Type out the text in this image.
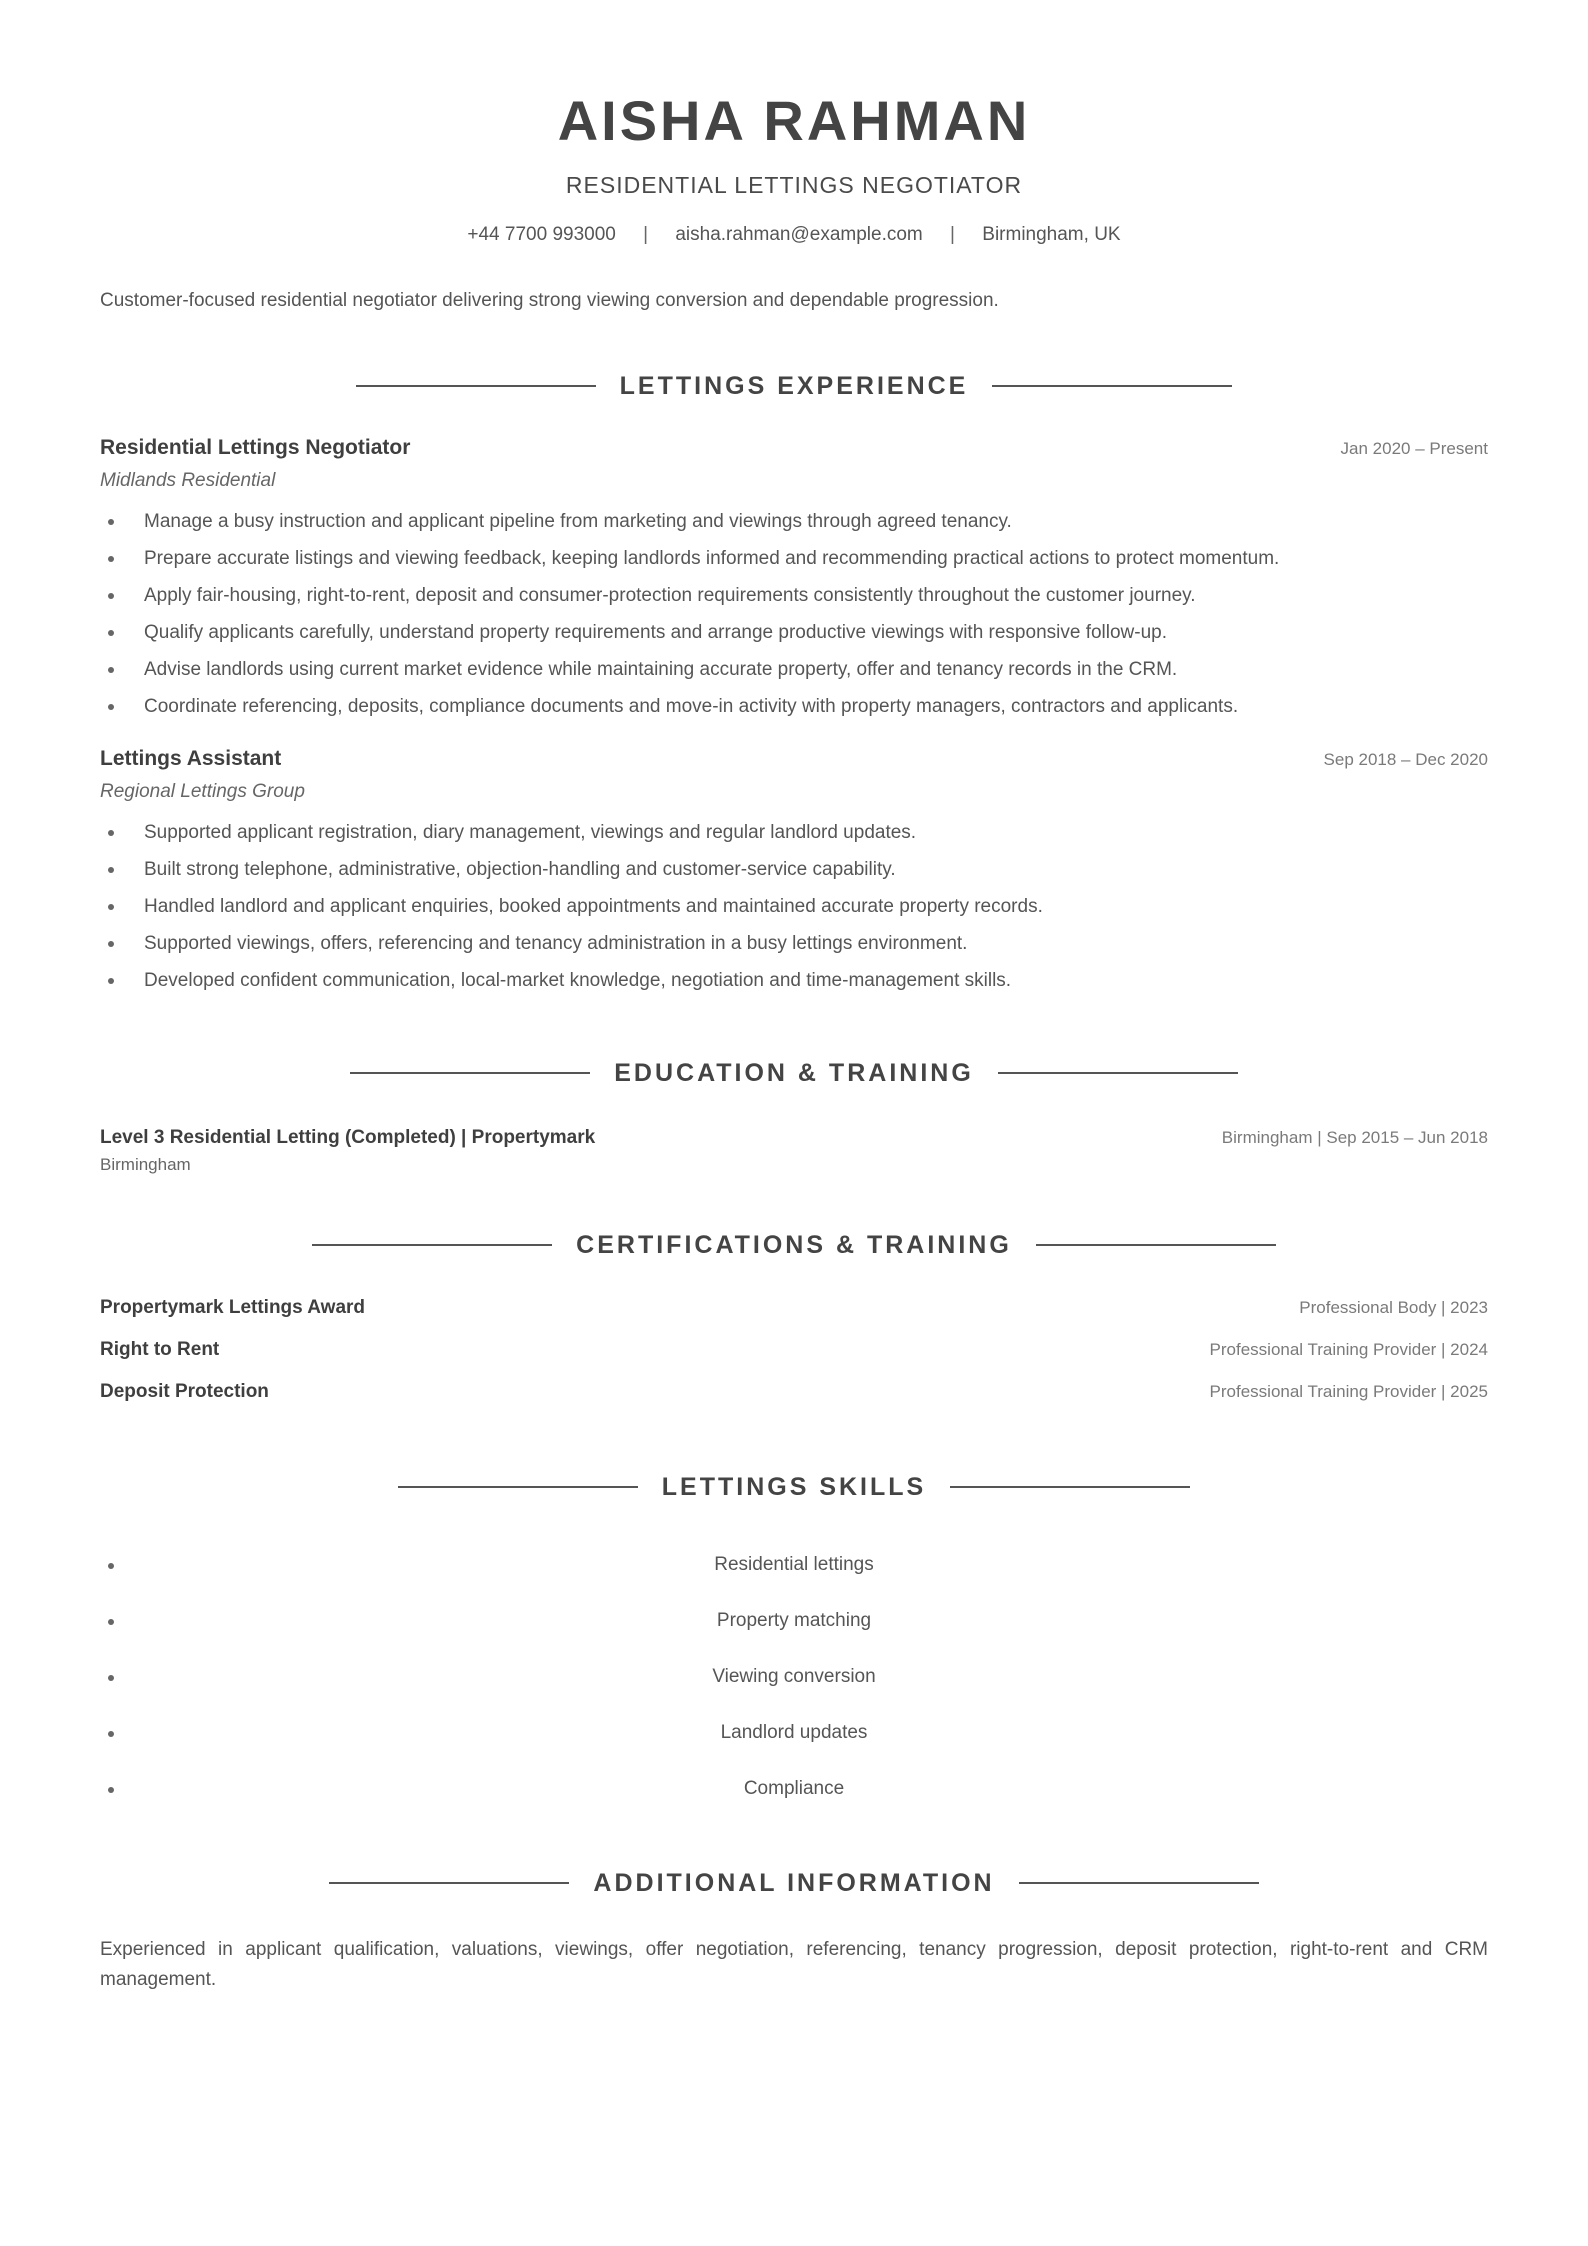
AISHA RAHMAN
RESIDENTIAL LETTINGS NEGOTIATOR
+44 7700 993000 | aisha.rahman@example.com | Birmingham, UK
Customer-focused residential negotiator delivering strong viewing conversion and dependable progression.
LETTINGS EXPERIENCE
Residential Lettings Negotiator	Jan 2020 – Present
Midlands Residential
Manage a busy instruction and applicant pipeline from marketing and viewings through agreed tenancy.
Prepare accurate listings and viewing feedback, keeping landlords informed and recommending practical actions to protect momentum.
Apply fair-housing, right-to-rent, deposit and consumer-protection requirements consistently throughout the customer journey.
Qualify applicants carefully, understand property requirements and arrange productive viewings with responsive follow-up.
Advise landlords using current market evidence while maintaining accurate property, offer and tenancy records in the CRM.
Coordinate referencing, deposits, compliance documents and move-in activity with property managers, contractors and applicants.
Lettings Assistant	Sep 2018 – Dec 2020
Regional Lettings Group
Supported applicant registration, diary management, viewings and regular landlord updates.
Built strong telephone, administrative, objection-handling and customer-service capability.
Handled landlord and applicant enquiries, booked appointments and maintained accurate property records.
Supported viewings, offers, referencing and tenancy administration in a busy lettings environment.
Developed confident communication, local-market knowledge, negotiation and time-management skills.
EDUCATION & TRAINING
Level 3 Residential Letting (Completed) | Propertymark	Birmingham | Sep 2015 – Jun 2018
Birmingham
CERTIFICATIONS & TRAINING
Propertymark Lettings Award	Professional Body | 2023
Right to Rent	Professional Training Provider | 2024
Deposit Protection	Professional Training Provider | 2025
LETTINGS SKILLS
Residential lettings
Property matching
Viewing conversion
Landlord updates
Compliance
ADDITIONAL INFORMATION
Experienced in applicant qualification, valuations, viewings, offer negotiation, referencing, tenancy progression, deposit protection, right-to-rent and CRM management.
